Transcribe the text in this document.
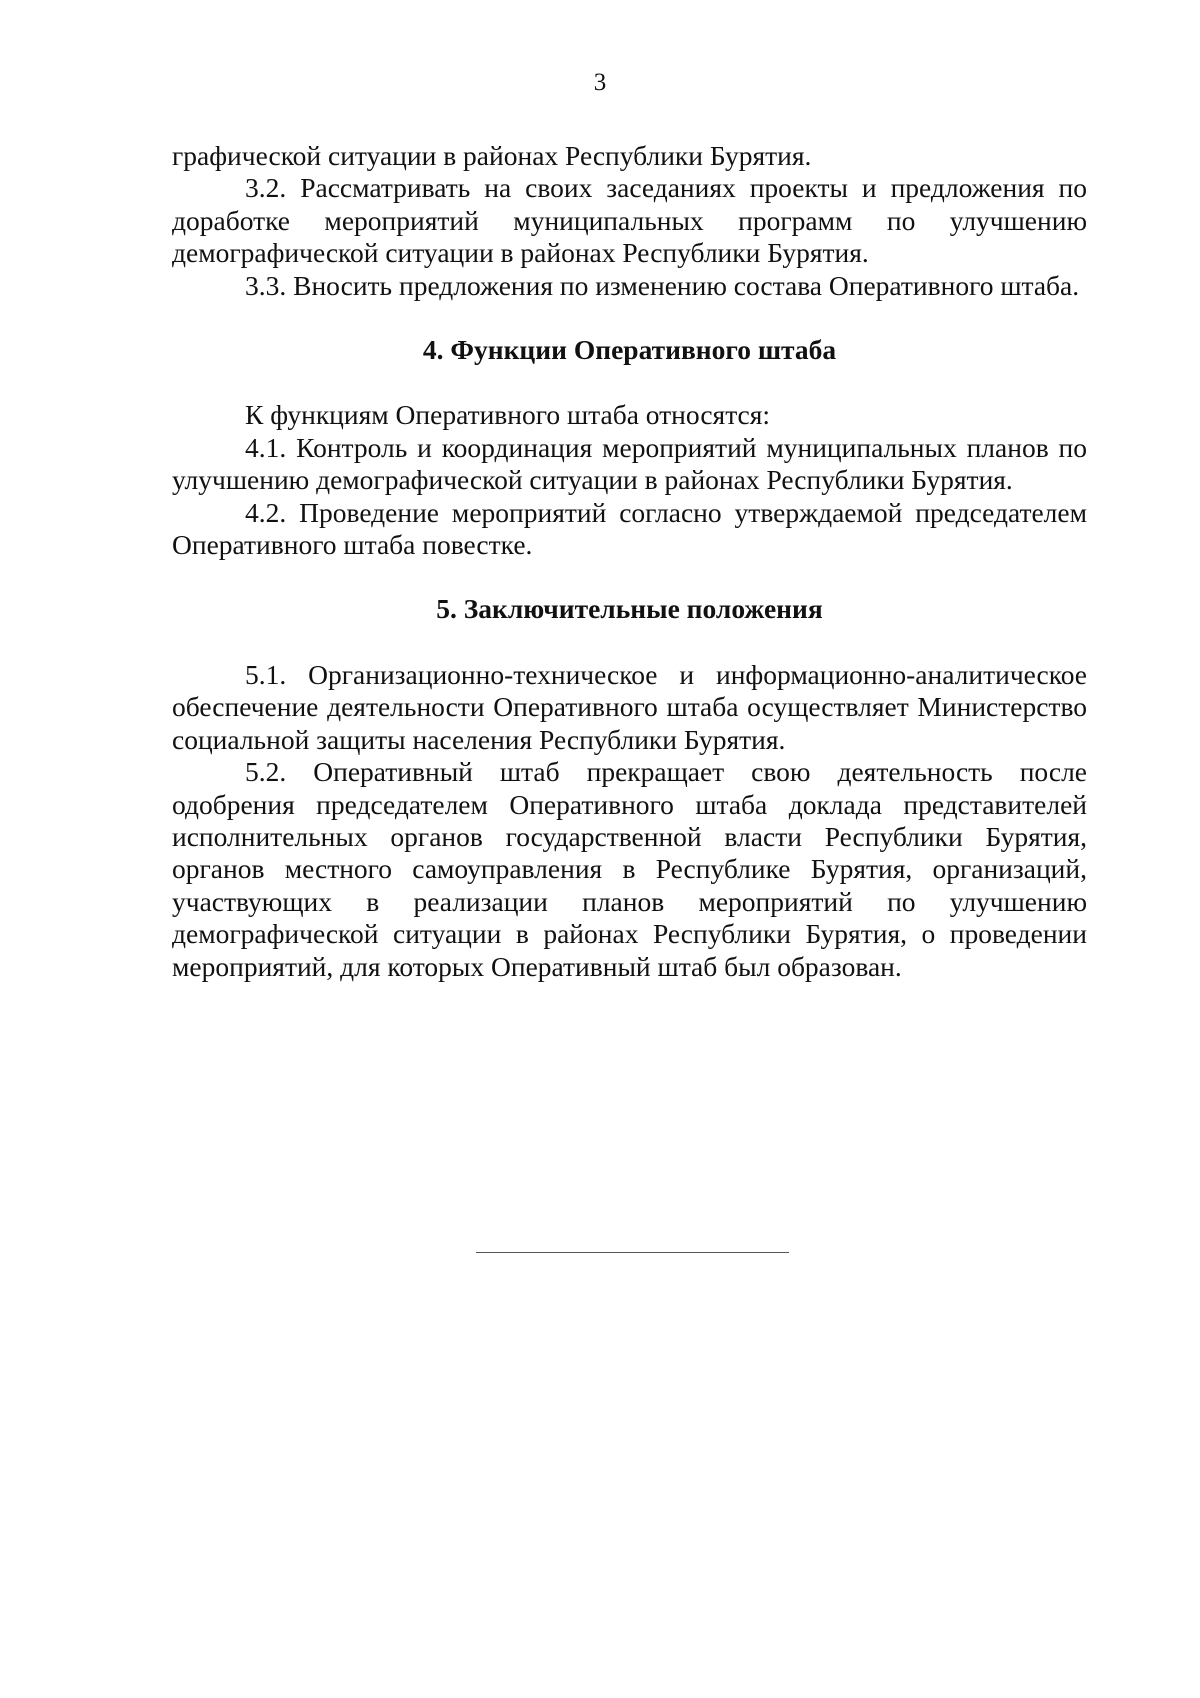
3

графической ситуации в районах Республики Бурятия.

3.2. Рассматривать на своих заседаниях проекты и предложения по доработке мероприятий муниципальных программ по улучшению демографической ситуации в районах Республики Бурятия.

3.3. Вносить предложения по изменению состава Оперативного штаба.

4. Функции Оперативного штаба

К функциям Оперативного штаба относятся:

4.1. Контроль и координация мероприятий муниципальных планов по улучшению демографической ситуации в районах Республики Бурятия.

4.2. Проведение мероприятий согласно утверждаемой председателем Оперативного штаба повестке.

5. Заключительные положения

5.1. Организационно-техническое и информационно-аналитическое обеспечение деятельности Оперативного штаба осуществляет Министерство социальной защиты населения Республики Бурятия.

5.2. Оперативный штаб прекращает свою деятельность после одобрения председателем Оперативного штаба доклада представителей исполнительных органов государственной власти Республики Бурятия, органов местного самоуправления в Республике Бурятия, организаций, участвующих в реализации планов мероприятий по улучшению демографической ситуации в районах Республики Бурятия, о проведении мероприятий, для которых Оперативный штаб был образован.
